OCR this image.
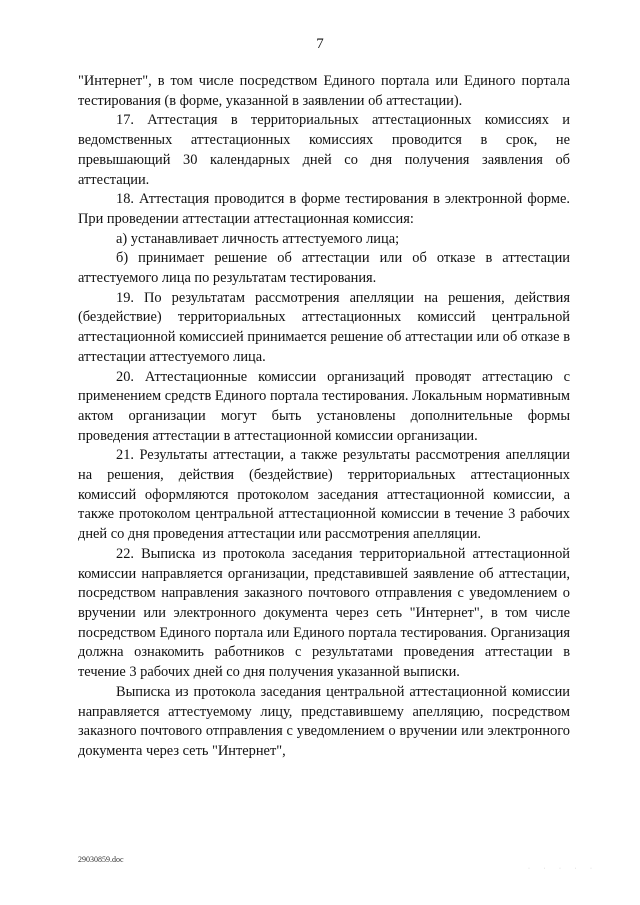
7

"Интернет", в том числе посредством Единого портала или Единого портала тестирования (в форме, указанной в заявлении об аттестации).

17. Аттестация в территориальных аттестационных комиссиях и ведомственных аттестационных комиссиях проводится в срок, не превышающий 30 календарных дней со дня получения заявления об аттестации.

18. Аттестация проводится в форме тестирования в электронной форме. При проведении аттестации аттестационная комиссия:

а) устанавливает личность аттестуемого лица;

б) принимает решение об аттестации или об отказе в аттестации аттестуемого лица по результатам тестирования.

19. По результатам рассмотрения апелляции на решения, действия (бездействие) территориальных аттестационных комиссий центральной аттестационной комиссией принимается решение об аттестации или об отказе в аттестации аттестуемого лица.

20. Аттестационные комиссии организаций проводят аттестацию с применением средств Единого портала тестирования. Локальным нормативным актом организации могут быть установлены дополнительные формы проведения аттестации в аттестационной комиссии организации.

21. Результаты аттестации, а также результаты рассмотрения апелляции на решения, действия (бездействие) территориальных аттестационных комиссий оформляются протоколом заседания аттестационной комиссии, а также протоколом центральной аттестационной комиссии в течение 3 рабочих дней со дня проведения аттестации или рассмотрения апелляции.

22. Выписка из протокола заседания территориальной аттестационной комиссии направляется организации, представившей заявление об аттестации, посредством направления заказного почтового отправления с уведомлением о вручении или электронного документа через сеть "Интернет", в том числе посредством Единого портала или Единого портала тестирования. Организация должна ознакомить работников с результатами проведения аттестации в течение 3 рабочих дней со дня получения указанной выписки.

Выписка из протокола заседания центральной аттестационной комиссии направляется аттестуемому лицу, представившему апелляцию, посредством заказного почтового отправления с уведомлением о вручении или электронного документа через сеть "Интернет",

29030859.doc
· · · · ·
